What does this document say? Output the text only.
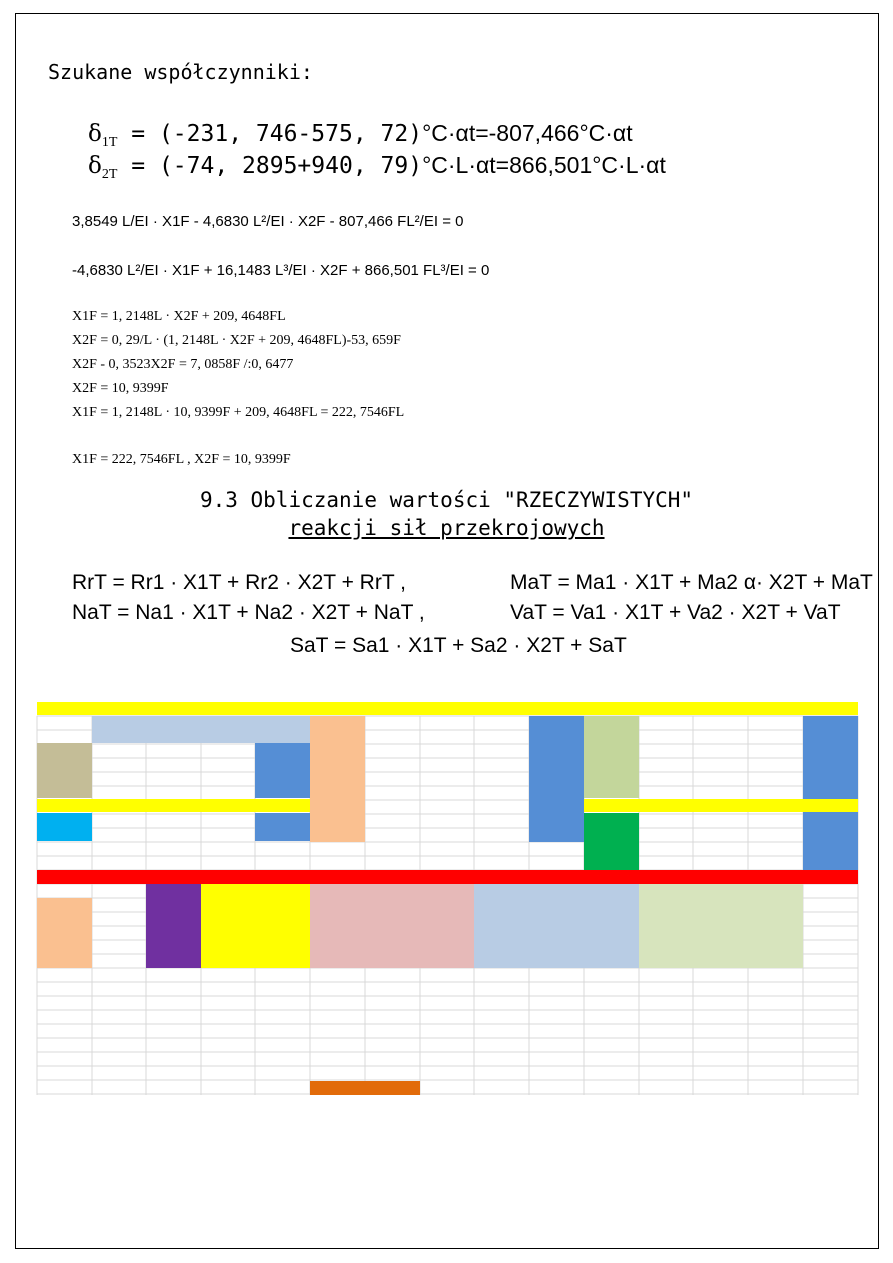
Szukane współczynniki:
$\delta_{1T} = (-231$, 746-575, 72)°C·αt=-807,466°C·αt
$\delta_{2T} = (-74$, 2895+940, 79)°C·L·αt=866,501°C·L·αt
3,8549 L/EI · X1F - 4,6830 L²/EI · X2F - 807,466 FL²/EI = 0
-4,6830 L²/EI · X1F + 16,1483 L³/EI · X2F + 866,501 FL³/EI = 0
X1F = 1, 2148L · X2F + 209, 4648FL
X2F = 0, 29/L · (1, 2148L · X2F + 209, 4648FL)-53, 659F
X2F - 0, 3523X2F = 7, 0858F /:0, 6477
X2F = 10, 9399F
X1F = 1, 2148L · 10, 9399F + 209, 4648FL = 222, 7546FL
X1F = 222, 7546FL , X2F = 10, 9399F
9.3 Obliczanie wartości "RZECZYWISTYCH"
reakcji sił przekrojowych
RrT = Rr1 · X1T + Rr2 · X2T + RrT ,	MaT = Ma1 · X1T + Ma2 α· X2T + MaT
NaT = Na1 · X1T + Na2 · X2T + NaT ,	VaT = Va1 · X1T + Va2 · X2T + VaT
SaT = Sa1 · X1T + Sa2 · X2T + SaT
